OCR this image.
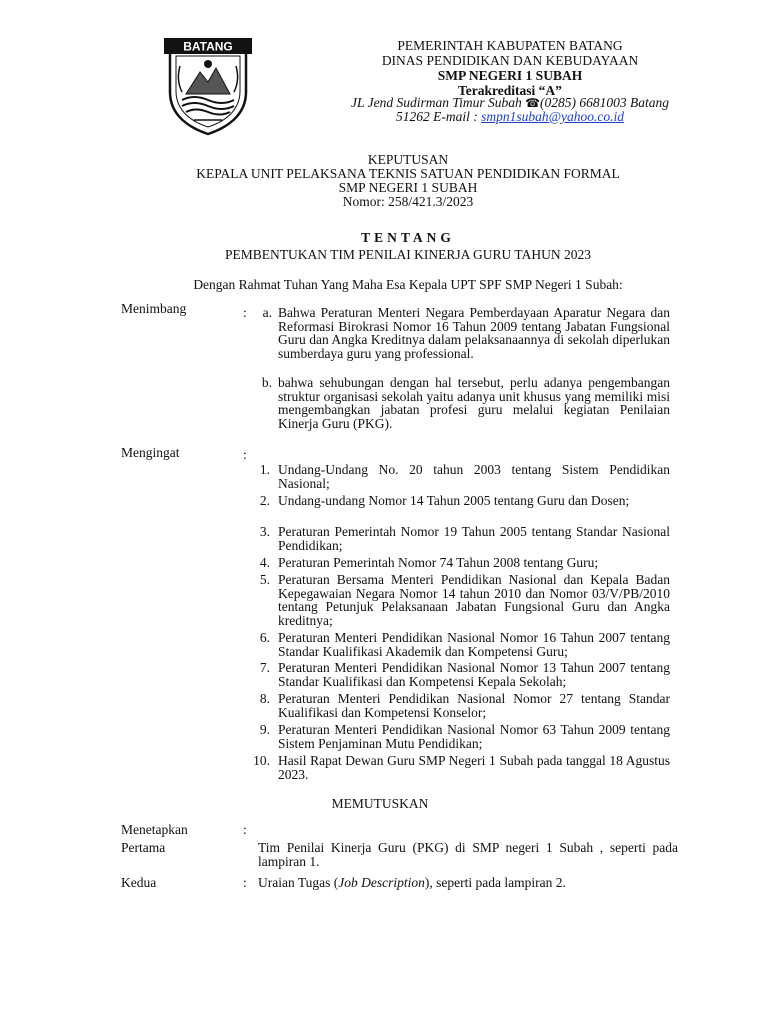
BATANG	PEMERINTAH KABUPATEN BATANG
DINAS PENDIDIKAN DAN KEBUDAYAAN
SMP NEGERI 1 SUBAH
Terakreditasi “A”
JL Jend Sudirman Timur Subah ☎(0285) 6681003 Batang
51262 E-mail : smpn1subah@yahoo.co.id
KEPUTUSAN
KEPALA UNIT PELAKSANA TEKNIS SATUAN PENDIDIKAN FORMAL
SMP NEGERI 1 SUBAH
Nomor: 258/421.3/2023
TENTANG
PEMBENTUKAN TIM PENILAI KINERJA GURU TAHUN 2023
Dengan Rahmat Tuhan Yang Maha Esa Kepala UPT SPF SMP Negeri 1 Subah:
Menimbang	:	a. Bahwa Peraturan Menteri Negara Pemberdayaan Aparatur Negara dan Reformasi Birokrasi Nomor 16 Tahun 2009 tentang Jabatan Fungsional Guru dan Angka Kreditnya dalam pelaksanaannya di sekolah diperlukan sumberdaya guru yang professional.
b. bahwa sehubungan dengan hal tersebut, perlu adanya pengembangan struktur organisasi sekolah yaitu adanya unit khusus yang memiliki misi mengembangkan jabatan profesi guru melalui kegiatan Penilaian Kinerja Guru (PKG).
Mengingat	:
1. Undang-Undang No. 20 tahun 2003 tentang Sistem Pendidikan Nasional;
2. Undang-undang Nomor 14 Tahun 2005 tentang Guru dan Dosen;
3. Peraturan Pemerintah Nomor 19 Tahun 2005 tentang Standar Nasional Pendidikan;
4. Peraturan Pemerintah Nomor 74 Tahun 2008 tentang Guru;
5. Peraturan Bersama Menteri Pendidikan Nasional dan Kepala Badan Kepegawaian Negara Nomor 14 tahun 2010 dan Nomor 03/V/PB/2010 tentang Petunjuk Pelaksanaan Jabatan Fungsional Guru dan Angka kreditnya;
6. Peraturan Menteri Pendidikan Nasional Nomor 16 Tahun 2007 tentang Standar Kualifikasi Akademik dan Kompetensi Guru;
7. Peraturan Menteri Pendidikan Nasional Nomor 13 Tahun 2007 tentang Standar Kualifikasi dan Kompetensi Kepala Sekolah;
8. Peraturan Menteri Pendidikan Nasional Nomor 27 tentang Standar Kualifikasi dan Kompetensi Konselor;
9. Peraturan Menteri Pendidikan Nasional Nomor 63 Tahun 2009 tentang Sistem Penjaminan Mutu Pendidikan;
10. Hasil Rapat Dewan Guru SMP Negeri 1 Subah pada tanggal 18 Agustus 2023.
MEMUTUSKAN
Menetapkan	:
Pertama	Tim Penilai Kinerja Guru (PKG) di SMP negeri 1 Subah , seperti pada lampiran 1.
Kedua	: Uraian Tugas (Job Description), seperti pada lampiran 2.
